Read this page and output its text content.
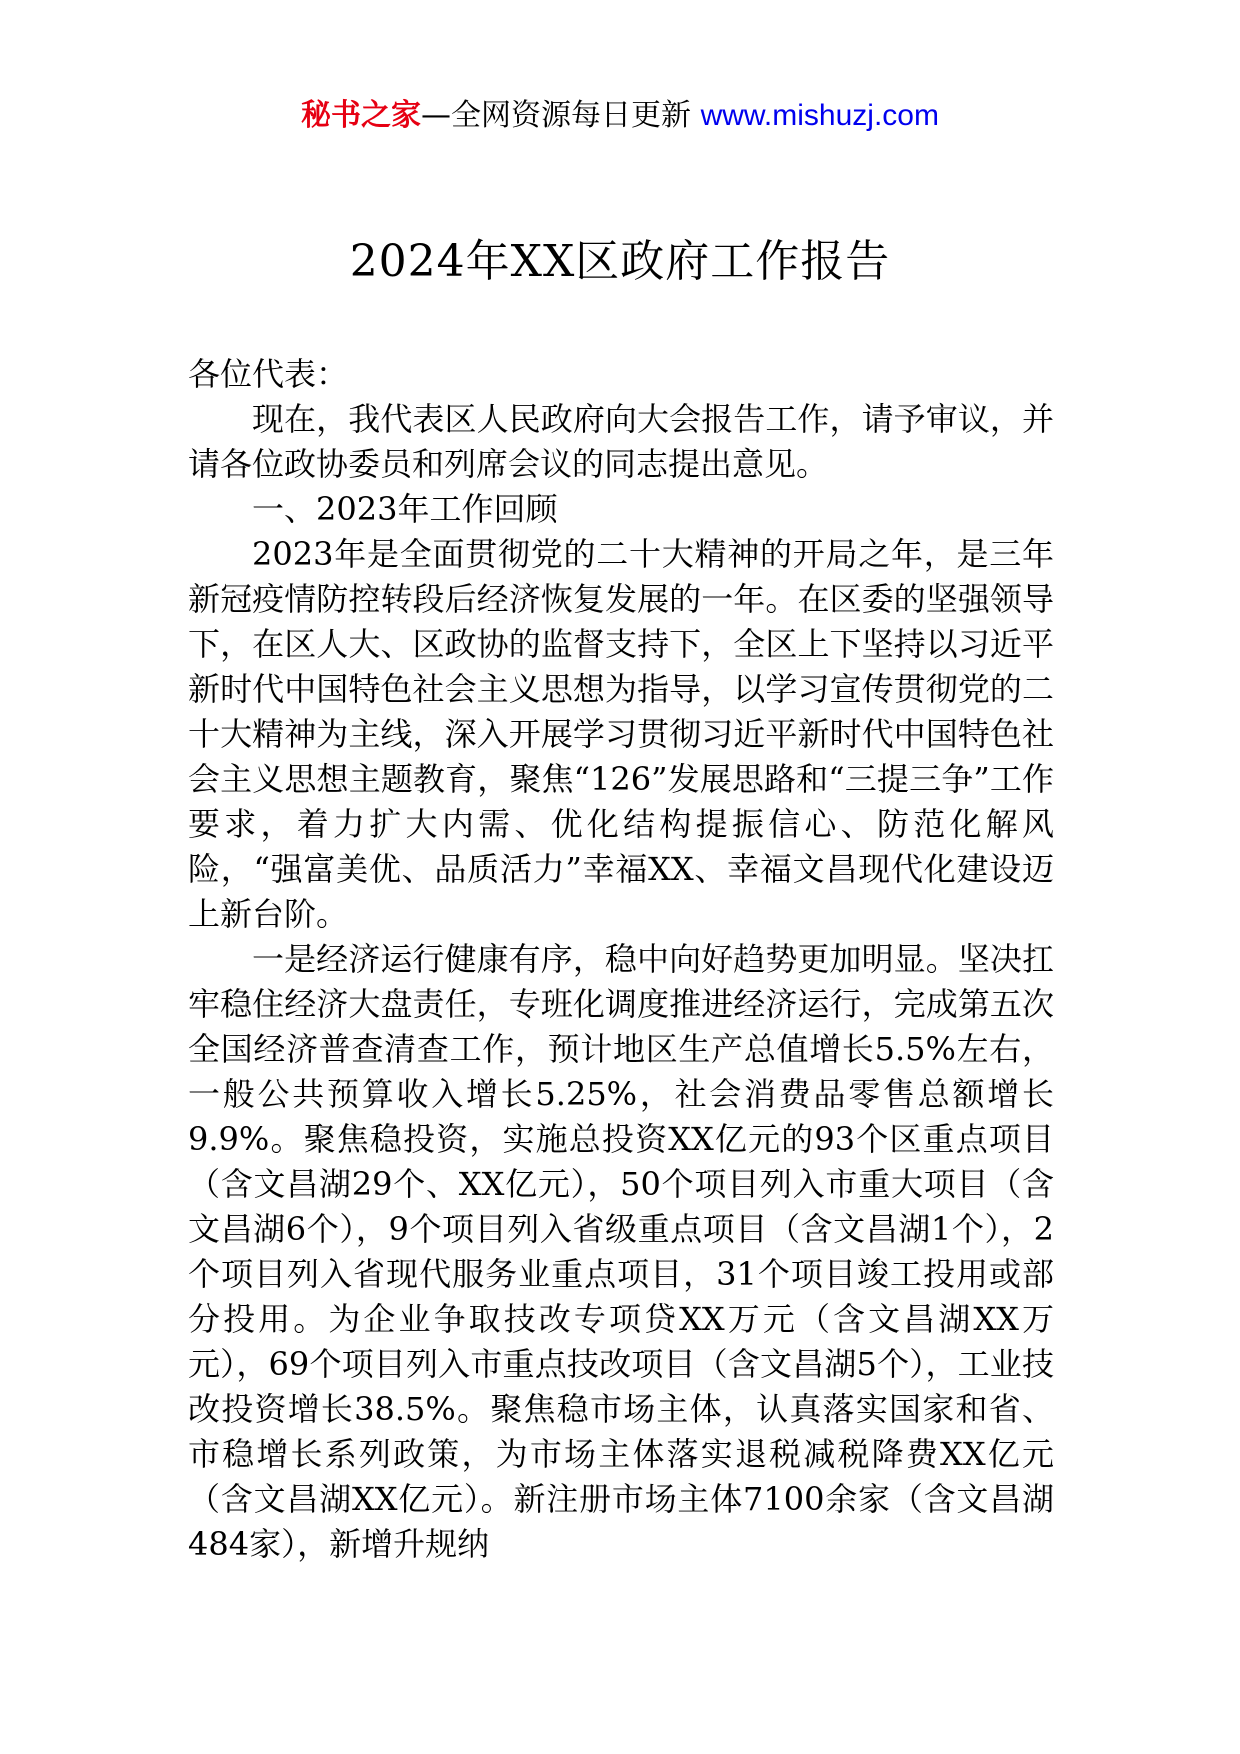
秘书之家—全网资源每日更新 www.mishuzj.com
2024年XX区政府工作报告

各位代表：

现在，我代表区人民政府向大会报告工作，请予审议，并请各位政协委员和列席会议的同志提出意见。

一、2023年工作回顾

2023年是全面贯彻党的二十大精神的开局之年，是三年新冠疫情防控转段后经济恢复发展的一年。在区委的坚强领导下，在区人大、区政协的监督支持下，全区上下坚持以习近平新时代中国特色社会主义思想为指导，以学习宣传贯彻党的二十大精神为主线，深入开展学习贯彻习近平新时代中国特色社会主义思想主题教育，聚焦“126”发展思路和“三提三争”工作要求，着力扩大内需、优化结构提振信心、防范化解风险，“强富美优、品质活力”幸福XX、幸福文昌现代化建设迈上新台阶。

一是经济运行健康有序，稳中向好趋势更加明显。坚决扛牢稳住经济大盘责任，专班化调度推进经济运行，完成第五次全国经济普查清查工作，预计地区生产总值增长5.5%左右，一般公共预算收入增长5.25%，社会消费品零售总额增长9.9%。聚焦稳投资，实施总投资XX亿元的93个区重点项目（含文昌湖29个、XX亿元），50个项目列入市重大项目（含文昌湖6个），9个项目列入省级重点项目（含文昌湖1个），2个项目列入省现代服务业重点项目，31个项目竣工投用或部分投用。为企业争取技改专项贷XX万元（含文昌湖XX万元），69个项目列入市重点技改项目（含文昌湖5个），工业技改投资增长38.5%。聚焦稳市场主体，认真落实国家和省、市稳增长系列政策，为市场主体落实退税减税降费XX亿元（含文昌湖XX亿元）。新注册市场主体7100余家（含文昌湖484家），新增升规纳
